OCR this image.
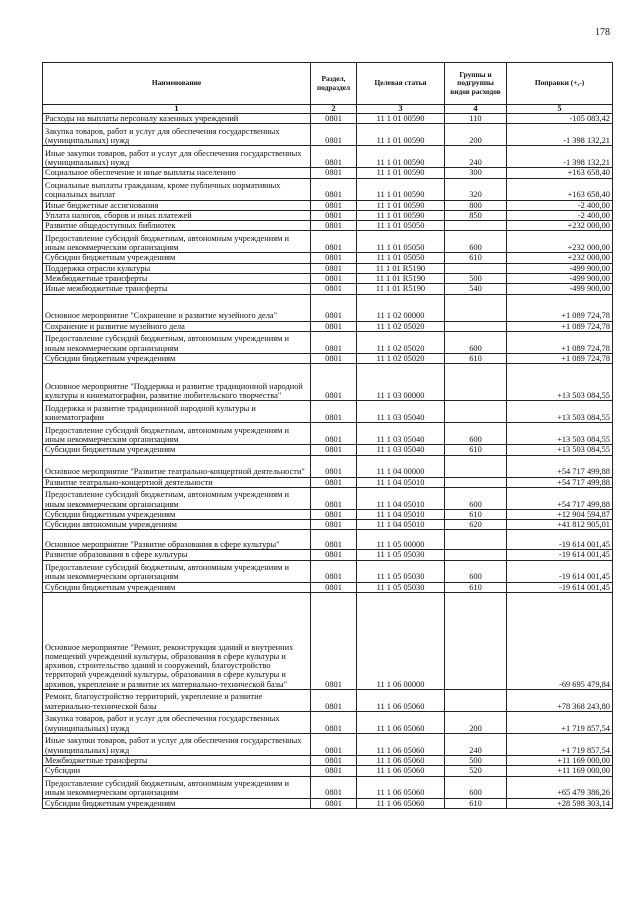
178
Наименование	Раздел, подраздел	Целевая статья	Группы и подгруппы видов расходов	Поправки (+,-)
1	2	3	4	5
Расходы на выплаты персоналу казенных учреждений	0801	11 1 01 00590	110	-105 083,42
Закупка товаров, работ и услуг для обеспечения государственных (муниципальных) нужд	0801	11 1 01 00590	200	-1 398 132,21
Иные закупки товаров, работ и услуг для обеспечения государственных (муниципальных) нужд	0801	11 1 01 00590	240	-1 398 132,21
Социальное обеспечение и иные выплаты населению	0801	11 1 01 00590	300	+163 658,40
Социальные выплаты гражданам, кроме публичных нормативных социальных выплат	0801	11 1 01 00590	320	+163 658,40
Иные бюджетные ассигнования	0801	11 1 01 00590	800	-2 400,00
Уплата налогов, сборов и иных платежей	0801	11 1 01 00590	850	-2 400,00
Развитие общедоступных библиотек	0801	11 1 01 05050		+232 000,00
Предоставление субсидий бюджетным, автономным учреждениям и иным некоммерческим организациям	0801	11 1 01 05050	600	+232 000,00
Субсидии бюджетным учреждениям	0801	11 1 01 05050	610	+232 000,00
Поддержка отрасли культуры	0801	11 1 01 R5190		-499 900,00
Межбюджетные трансферты	0801	11 1 01 R5190	500	-499 900,00
Иные межбюджетные трансферты	0801	11 1 01 R5190	540	-499 900,00
Основное мероприятие "Сохранение и развитие музейного дела"	0801	11 1 02 00000		+1 089 724,78
Сохранение и развитие музейного дела	0801	11 1 02 05020		+1 089 724,78
Предоставление субсидий бюджетным, автономным учреждениям и иным некоммерческим организациям	0801	11 1 02 05020	600	+1 089 724,78
Субсидии бюджетным учреждениям	0801	11 1 02 05020	610	+1 089 724,78
Основное мероприятие "Поддержка и развитие традиционной народной культуры и кинематографии, развитие любительского творчества"	0801	11 1 03 00000		+13 503 084,55
Поддержка и развитие традиционной народной культуры и кинематографии	0801	11 1 03 05040		+13 503 084,55
Предоставление субсидий бюджетным, автономным учреждениям и иным некоммерческим организациям	0801	11 1 03 05040	600	+13 503 084,55
Субсидии бюджетным учреждениям	0801	11 1 03 05040	610	+13 503 084,55
Основное мероприятие "Развитие театрально-концертной деятельности"	0801	11 1 04 00000		+54 717 499,88
Развитие театрально-концертной деятельности	0801	11 1 04 05010		+54 717 499,88
Предоставление субсидий бюджетным, автономным учреждениям и иным некоммерческим организациям	0801	11 1 04 05010	600	+54 717 499,88
Субсидии бюджетным учреждениям	0801	11 1 04 05010	610	+12 904 594,87
Субсидии автономным учреждениям	0801	11 1 04 05010	620	+41 812 905,01
Основное мероприятие "Развитие образования в сфере культуры"	0801	11 1 05 00000		-19 614 001,45
Развитие образования в сфере культуры	0801	11 1 05 05030		-19 614 001,45
Предоставление субсидий бюджетным, автономным учреждениям и иным некоммерческим организациям	0801	11 1 05 05030	600	-19 614 001,45
Субсидии бюджетным учреждениям	0801	11 1 05 05030	610	-19 614 001,45
Основное мероприятие "Ремонт, реконструкция зданий и внутренних помещений учреждений культуры, образования в сфере культуры и архивов, строительство зданий и сооружений, благоустройство территорий учреждений культуры, образования в сфере культуры и архивов, укрепление и развитие их материально-технической базы"	0801	11 1 06 00000		-69 695 479,84
Ремонт, благоустройство территорий, укрепление и развитие материально-технической базы	0801	11 1 06 05060		+78 368 243,80
Закупка товаров, работ и услуг для обеспечения государственных (муниципальных) нужд	0801	11 1 06 05060	200	+1 719 857,54
Иные закупки товаров, работ и услуг для обеспечения государственных (муниципальных) нужд	0801	11 1 06 05060	240	+1 719 857,54
Межбюджетные трансферты	0801	11 1 06 05060	500	+11 169 000,00
Субсидии	0801	11 1 06 05060	520	+11 169 000,00
Предоставление субсидий бюджетным, автономным учреждениям и иным некоммерческим организациям	0801	11 1 06 05060	600	+65 479 386,26
Субсидии бюджетным учреждениям	0801	11 1 06 05060	610	+28 598 303,14
